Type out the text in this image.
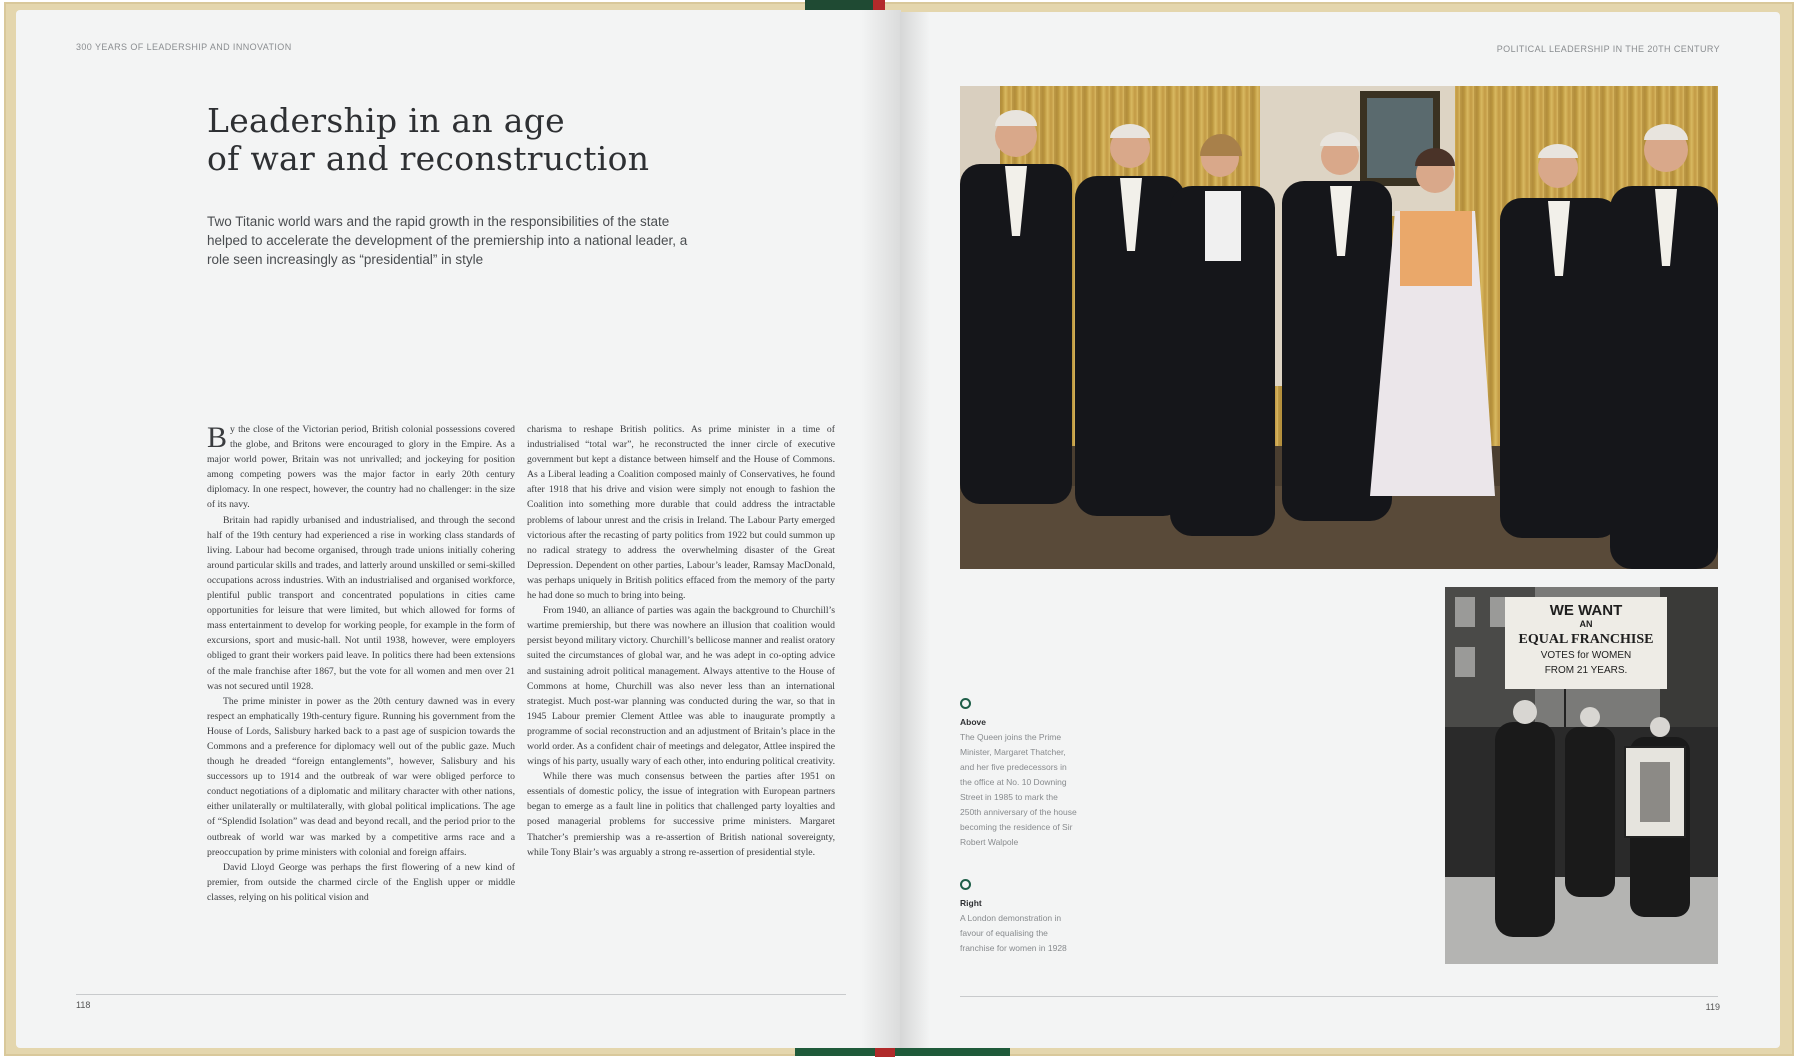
300 YEARS OF LEADERSHIP AND INNOVATION
Leadership in an age
of war and reconstruction
Two Titanic world wars and the rapid growth in the responsibilities of the state helped to accelerate the development of the premiership into a national leader, a role seen increasingly as “presidential” in style

By the close of the Victorian period, British colonial possessions covered the globe, and Britons were encouraged to glory in the Empire. As a major world power, Britain was not unrivalled; and jockeying for position among competing powers was the major factor in early 20th century diplomacy. In one respect, however, the country had no challenger: in the size of its navy.

Britain had rapidly urbanised and industrialised, and through the second half of the 19th century had experienced a rise in working class standards of living. Labour had become organised, through trade unions initially cohering around particular skills and trades, and latterly around unskilled or semi-skilled occupations across industries. With an industrialised and organised workforce, plentiful public transport and concentrated populations in cities came opportunities for leisure that were limited, but which allowed for forms of mass entertainment to develop for working people, for example in the form of excursions, sport and music-hall. Not until 1938, however, were employers obliged to grant their workers paid leave. In politics there had been extensions of the male franchise after 1867, but the vote for all women and men over 21 was not secured until 1928.

The prime minister in power as the 20th century dawned was in every respect an emphatically 19th-century figure. Running his government from the House of Lords, Salisbury harked back to a past age of suspicion towards the Commons and a preference for diplomacy well out of the public gaze. Much though he dreaded “foreign entanglements”, however, Salisbury and his successors up to 1914 and the outbreak of war were obliged perforce to conduct negotiations of a diplomatic and military character with other nations, either unilaterally or multilaterally, with global political implications. The age of “Splendid Isolation” was dead and beyond recall, and the period prior to the outbreak of world war was marked by a competitive arms race and a preoccupation by prime ministers with colonial and foreign affairs.

David Lloyd George was perhaps the first flowering of a new kind of premier, from outside the charmed circle of the English upper or middle classes, relying on his political vision and

charisma to reshape British politics. As prime minister in a time of industrialised “total war”, he reconstructed the inner circle of executive government but kept a distance between himself and the House of Commons. As a Liberal leading a Coalition composed mainly of Conservatives, he found after 1918 that his drive and vision were simply not enough to fashion the Coalition into something more durable that could address the intractable problems of labour unrest and the crisis in Ireland. The Labour Party emerged victorious after the recasting of party politics from 1922 but could summon up no radical strategy to address the overwhelming disaster of the Great Depression. Dependent on other parties, Labour’s leader, Ramsay MacDonald, was perhaps uniquely in British politics effaced from the memory of the party he had done so much to bring into being.

From 1940, an alliance of parties was again the background to Churchill’s wartime premiership, but there was nowhere an illusion that coalition would persist beyond military victory. Churchill’s bellicose manner and realist oratory suited the circumstances of global war, and he was adept in co-opting advice and sustaining adroit political management. Always attentive to the House of Commons at home, Churchill was also never less than an international strategist. Much post-war planning was conducted during the war, so that in 1945 Labour premier Clement Attlee was able to inaugurate promptly a programme of social reconstruction and an adjustment of Britain’s place in the world order. As a confident chair of meetings and delegator, Attlee inspired the wings of his party, usually wary of each other, into enduring political creativity.

While there was much consensus between the parties after 1951 on essentials of domestic policy, the issue of integration with European partners began to emerge as a fault line in politics that challenged party loyalties and posed managerial problems for successive prime ministers. Margaret Thatcher’s premiership was a re-assertion of British national sovereignty, while Tony Blair’s was arguably a strong re-assertion of presidential style.

118
POLITICAL LEADERSHIP IN THE 20TH CENTURY
WE WANT
AN
EQUAL FRANCHISE
VOTES for WOMEN
FROM 21 YEARS.
Above
The Queen joins the Prime Minister, Margaret Thatcher, and her five predecessors in the office at No. 10 Downing Street in 1985 to mark the 250th anniversary of the house becoming the residence of Sir Robert Walpole
Right
A London demonstration in favour of equalising the franchise for women in 1928
119
